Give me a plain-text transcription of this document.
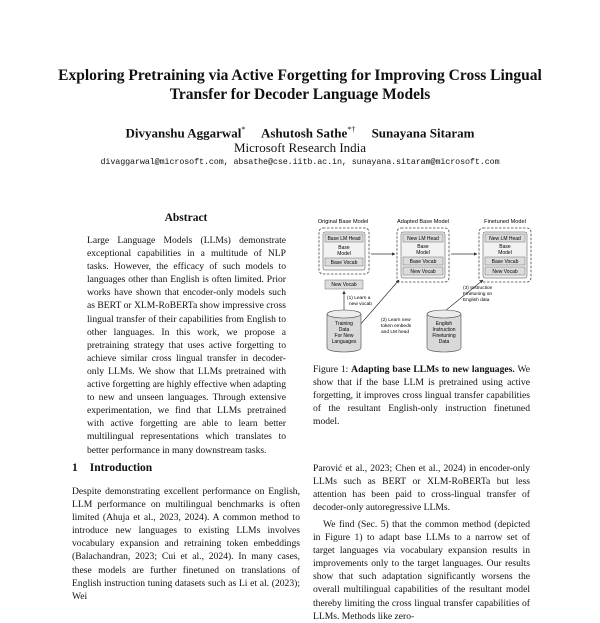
Exploring Pretraining via Active Forgetting for Improving Cross Lingual
Transfer for Decoder Language Models
Divyanshu Aggarwal* Ashutosh Sathe*† Sunayana Sitaram
Microsoft Research India
divaggarwal@microsoft.com, absathe@cse.iitb.ac.in, sunayana.sitaram@microsoft.com
Abstract
Large Language Models (LLMs) demonstrate exceptional capabilities in a multitude of NLP tasks. However, the efficacy of such models to languages other than English is often limited. Prior works have shown that encoder-only models such as BERT or XLM-RoBERTa show impressive cross lingual transfer of their capabilities from English to other languages. In this work, we propose a pretraining strategy that uses active forgetting to achieve similar cross lingual transfer in decoder-only LLMs. We show that LLMs pretrained with active forgetting are highly effective when adapting to new and unseen languages. Through extensive experimentation, we find that LLMs pretrained with active forgetting are able to learn better multilingual representations which translates to better performance in many downstream tasks.
1 Introduction
Despite demonstrating excellent performance on English, LLM performance on multilingual benchmarks is often limited (Ahuja et al., 2023, 2024). A common method to introduce new languages to existing LLMs involves vocabulary expansion and retraining token embeddings (Balachandran, 2023; Cui et al., 2024). In many cases, these models are further finetuned on translations of English instruction tuning datasets such as Li et al. (2023); Wei
Original Base Model	Adapted Base Model	Finetuned Model
Base LM Head
Base
Model
Base Vocab
New Vocab
New LM Head
Base
Model
Base Vocab
New Vocab
New LM Head
Base
Model
Base Vocab
New Vocab
(1) Learn a
new vocab
(2) Learn new
token embeds
and LM head
(3) Instruction
Finetuning on
English data
Training
Data
For New
Languages
English
Instruction
Finetuning
Data
Figure 1: Adapting base LLMs to new languages. We show that if the base LLM is pretrained using active forgetting, it improves cross lingual transfer capabilities of the resultant English-only instruction finetuned model.
Parović et al., 2023; Chen et al., 2024) in encoder-only LLMs such as BERT or XLM-RoBERTa but less attention has been paid to cross-lingual transfer of decoder-only autoregressive LLMs.
We find (Sec. 5) that the common method (depicted in Figure 1) to adapt base LLMs to a narrow set of target languages via vocabulary expansion results in improvements only to the target languages. Our results show that such adaptation significantly worsens the overall multilingual capabilities of the resultant model thereby limiting the cross lingual transfer capabilities of LLMs. Methods like zero-
